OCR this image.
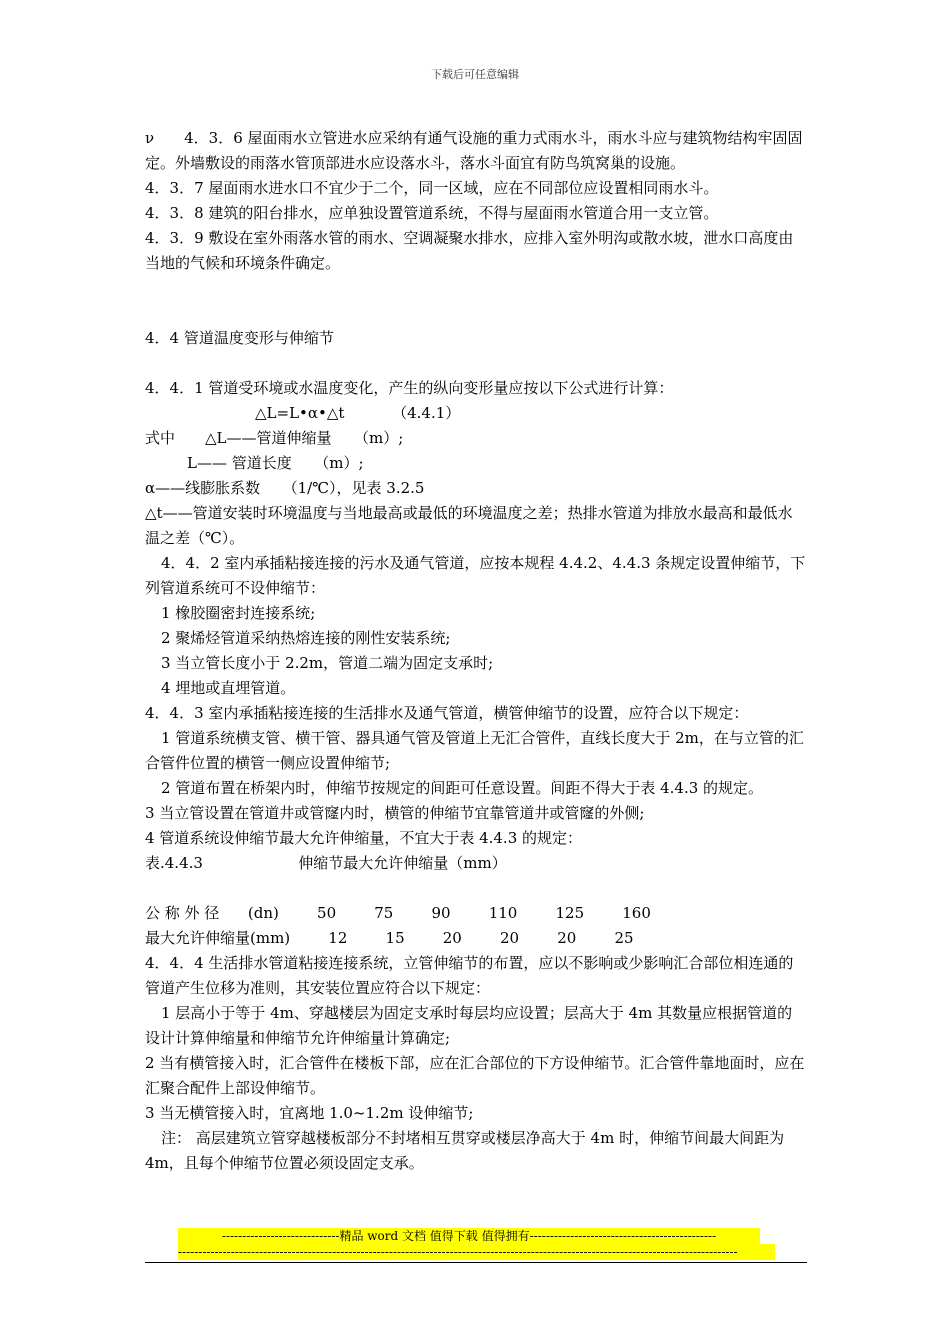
下载后可任意编辑

ν　　4．3．6 屋面雨水立管进水应采纳有通气设施的重力式雨水斗，雨水斗应与建筑物结构牢固固定。外墙敷设的雨落水管顶部进水应设落水斗，落水斗面宜有防鸟筑窝巢的设施。

4．3．7 屋面雨水进水口不宜少于二个，同一区域，应在不同部位应设置相同雨水斗。

4．3．8 建筑的阳台排水，应单独设置管道系统，不得与屋面雨水管道合用一支立管。

4．3．9 敷设在室外雨落水管的雨水、空调凝聚水排水，应排入室外明沟或散水坡，泄水口高度由当地的气候和环境条件确定。

4．4 管道温度变形与伸缩节

4．4．1 管道受环境或水温度变化，产生的纵向变形量应按以下公式进行计算：

△L=L•α•△t          （4.4.1）

式中　　△L——管道伸缩量　　（m）;

L—— 管道长度　　（m）;

α——线膨胀系数　　（1/℃），见表 3.2.5

△t——管道安装时环境温度与当地最高或最低的环境温度之差；热排水管道为排放水最高和最低水温之差（℃）。

4．4．2 室内承插粘接连接的污水及通气管道，应按本规程 4.4.2、4.4.3 条规定设置伸缩节，下列管道系统可不设伸缩节：

1 橡胶圈密封连接系统;

2 聚烯烃管道采纳热熔连接的刚性安装系统;

3 当立管长度小于 2.2m，管道二端为固定支承时;

4 埋地或直埋管道。

4．4．3 室内承插粘接连接的生活排水及通气管道，横管伸缩节的设置，应符合以下规定：

1 管道系统横支管、横干管、器具通气管及管道上无汇合管件，直线长度大于 2m，在与立管的汇合管件位置的横管一侧应设置伸缩节;

2 管道布置在桥架内时，伸缩节按规定的间距可任意设置。间距不得大于表 4.4.3 的规定。

3 当立管设置在管道井或管窿内时，横管的伸缩节宜靠管道井或管窿的外侧;

4 管道系统设伸缩节最大允许伸缩量，不宜大于表 4.4.3 的规定：

表.4.4.3                    伸缩节最大允许伸缩量（mm）

公 称 外 径      (dn)        50        75        90        110        125        160

最大允许伸缩量(mm)        12        15        20        20        20        25

4．4．4 生活排水管道粘接连接系统，立管伸缩节的布置，应以不影响或少影响汇合部位相连通的管道产生位移为准则，其安装位置应符合以下规定：

1 层高小于等于 4m、穿越楼层为固定支承时每层均应设置；层高大于 4m 其数量应根据管道的设计计算伸缩量和伸缩节允许伸缩量计算确定;

2 当有横管接入时，汇合管件在楼板下部，应在汇合部位的下方设伸缩节。汇合管件靠地面时，应在汇聚合配件上部设伸缩节。

3 当无横管接入时，宜离地 1.0~1.2m 设伸缩节;

注： 高层建筑立管穿越楼板部分不封堵相互贯穿或楼层净高大于 4m 时，伸缩节间最大间距为 4m，且每个伸缩节位置必须设固定支承。

-----------------------------精品 word 文档 值得下载 值得拥有----------------------------------------------
------------------------------------------------------------------------------------------------------------------------------------------
